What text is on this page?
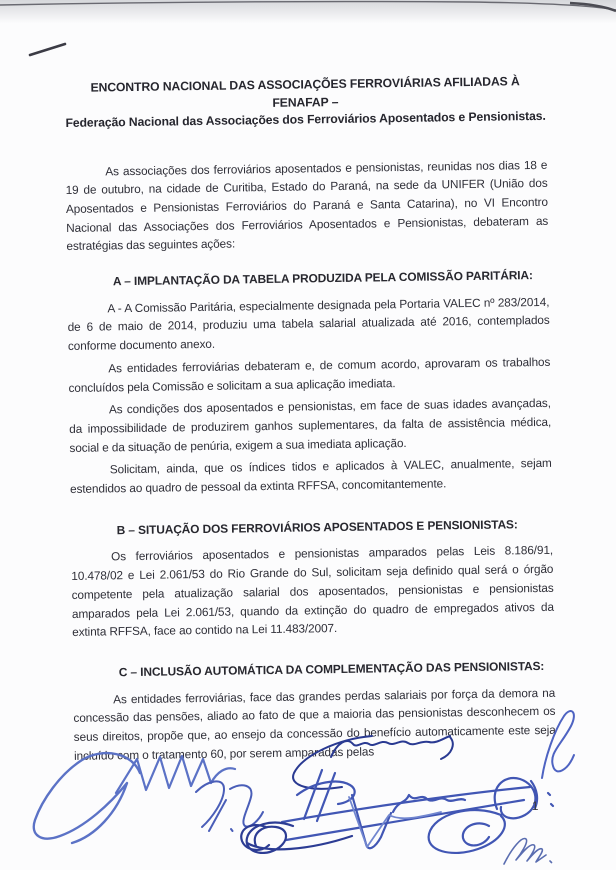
ENCONTRO NACIONAL DAS ASSOCIAÇÕES FERROVIÁRIAS AFILIADAS À FENAFAP –
Federação Nacional das Associações dos Ferroviários Aposentados e Pensionistas.

As associações dos ferroviários aposentados e pensionistas, reunidas nos dias 18 e 19 de outubro, na cidade de Curitiba, Estado do Paraná, na sede da UNIFER (União dos Aposentados e Pensionistas Ferroviários do Paraná e Santa Catarina), no VI Encontro Nacional das Associações dos Ferroviários Aposentados e Pensionistas, debateram as estratégias das seguintes ações:

A – IMPLANTAÇÃO DA TABELA PRODUZIDA PELA COMISSÃO PARITÁRIA:

A - A Comissão Paritária, especialmente designada pela Portaria VALEC nº 283/2014, de 6 de maio de 2014, produziu uma tabela salarial atualizada até 2016, contemplados conforme documento anexo.

As entidades ferroviárias debateram e, de comum acordo, aprovaram os trabalhos concluídos pela Comissão e solicitam a sua aplicação imediata.

As condições dos aposentados e pensionistas, em face de suas idades avançadas, da impossibilidade de produzirem ganhos suplementares, da falta de assistência médica, social e da situação de penúria, exigem a sua imediata aplicação.

Solicitam, ainda, que os índices tidos e aplicados à VALEC, anualmente, sejam estendidos ao quadro de pessoal da extinta RFFSA, concomitantemente.

B – SITUAÇÃO DOS FERROVIÁRIOS APOSENTADOS E PENSIONISTAS:

Os ferroviários aposentados e pensionistas amparados pelas Leis 8.186/91, 10.478/02 e Lei 2.061/53 do Rio Grande do Sul, solicitam seja definido qual será o órgão competente pela atualização salarial dos aposentados, pensionistas e pensionistas amparados pela Lei 2.061/53, quando da extinção do quadro de empregados ativos da extinta RFFSA, face ao contido na Lei 11.483/2007.

C – INCLUSÃO AUTOMÁTICA DA COMPLEMENTAÇÃO DAS PENSIONISTAS:

As entidades ferroviárias, face das grandes perdas salariais por força da demora na concessão das pensões, aliado ao fato de que a maioria das pensionistas desconhecem os seus direitos, propõe que, ao ensejo da concessão do benefício automaticamente este seja incluído com o tratamento 60, por serem amparadas pelas

1
